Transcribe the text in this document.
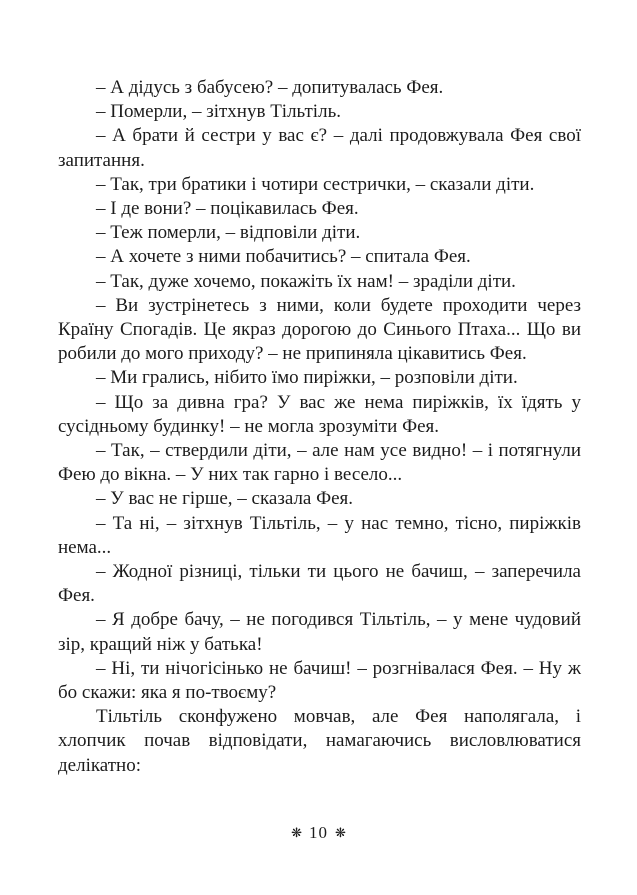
– А дідусь з бабусею? – допитувалась Фея.

– Померли, – зітхнув Тільтіль.

– А брати й сестри у вас є? – далі продовжувала Фея свої запитання.

– Так, три братики і чотири сестрички, – сказали діти.

– І де вони? – поцікавилась Фея.

– Теж померли, – відповіли діти.

– А хочете з ними побачитись? – спитала Фея.

– Так, дуже хочемо, покажіть їх нам! – зраділи діти.

– Ви зустрінетесь з ними, коли будете проходити через Країну Спогадів. Це якраз дорогою до Синього Птаха... Що ви робили до мого приходу? – не припиняла цікавитись Фея.

– Ми грались, нібито їмо пиріжки, – розповіли діти.

– Що за дивна гра? У вас же нема пиріжків, їх їдять у сусідньому будинку! – не могла зрозуміти Фея.

– Так, – ствердили діти, – але нам усе видно! – і потягнули Фею до вікна. – У них так гарно і весело...

– У вас не гірше, – сказала Фея.

– Та ні, – зітхнув Тільтіль, – у нас темно, тісно, пиріжків нема...

– Жодної різниці, тільки ти цього не бачиш, – заперечила Фея.

– Я добре бачу, – не погодився Тільтіль, – у мене чудовий зір, кращий ніж у батька!

– Ні, ти нічогісінько не бачиш! – розгнівалася Фея. – Ну ж бо скажи: яка я по-твоєму?

Тільтіль сконфужено мовчав, але Фея наполягала, і хлопчик почав відповідати, намагаючись висловлюватися делікатно:

❋ 10 ❋
